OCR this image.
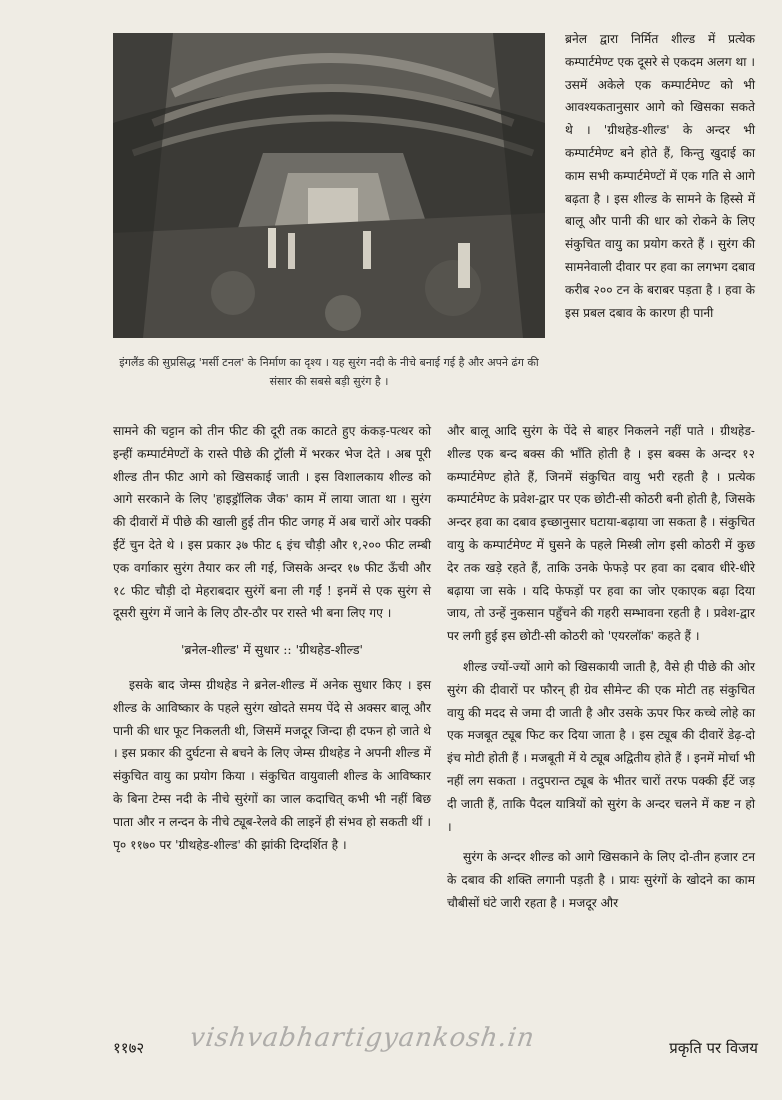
इंगलैंड की सुप्रसिद्ध 'मर्सी टनल' के निर्माण का दृश्य । यह सुरंग नदी के नीचे बनाई गई है और अपने ढंग की संसार की सबसे बड़ी सुरंग है ।

ब्रनेल द्वारा निर्मित शील्ड में प्रत्येक कम्पार्टमेण्ट एक दूसरे से एकदम अलग था । उसमें अकेले एक कम्पार्टमेण्ट को भी आवश्यकतानुसार आगे को खिसका सकते थे । 'ग्रीथहेड-शील्ड' के अन्दर भी कम्पार्टमेण्ट बने होते हैं, किन्तु खुदाई का काम सभी कम्पार्टमेण्टों में एक गति से आगे बढ़ता है । इस शील्ड के सामने के हिस्से में बालू और पानी की धार को रोकने के लिए संकुचित वायु का प्रयोग करते हैं । सुरंग की सामनेवाली दीवार पर हवा का लगभग दबाव करीब २०० टन के बराबर पड़ता है । हवा के इस प्रबल दबाव के कारण ही पानी

सामने की चट्टान को तीन फीट की दूरी तक काटते हुए कंकड़-पत्थर को इन्हीं कम्पार्टमेण्टों के रास्ते पीछे की ट्रॉली में भरकर भेज देते । अब पूरी शील्ड तीन फीट आगे को खिसकाई जाती । इस विशालकाय शील्ड को आगे सरकाने के लिए 'हाइड्रॉलिक जैक' काम में लाया जाता था । सुरंग की दीवारों में पीछे की खाली हुई तीन फीट जगह में अब चारों ओर पक्की ईंटें चुन देते थे । इस प्रकार ३७ फीट ६ इंच चौड़ी और १,२०० फीट लम्बी एक वर्गाकार सुरंग तैयार कर ली गई, जिसके अन्दर १७ फीट ऊँची और १८ फीट चौड़ी दो मेहराबदार सुरंगें बना ली गईं ! इनमें से एक सुरंग से दूसरी सुरंग में जाने के लिए ठौर-ठौर पर रास्ते भी बना लिए गए ।

'ब्रनेल-शील्ड' में सुधार :: 'ग्रीथहेड-शील्ड'

इसके बाद जेम्स ग्रीथहेड ने ब्रनेल-शील्ड में अनेक सुधार किए । इस शील्ड के आविष्कार के पहले सुरंग खोदते समय पेंदे से अक्सर बालू और पानी की धार फूट निकलती थी, जिसमें मजदूर जिन्दा ही दफन हो जाते थे । इस प्रकार की दुर्घटना से बचने के लिए जेम्स ग्रीथहेड ने अपनी शील्ड में संकुचित वायु का प्रयोग किया । संकुचित वायुवाली शील्ड के आविष्कार के बिना टेम्स नदी के नीचे सुरंगों का जाल कदाचित् कभी भी नहीं बिछ पाता और न लन्दन के नीचे ट्यूब-रेलवे की लाइनें ही संभव हो सकती थीं । पृ० ११७० पर 'ग्रीथहेड-शील्ड' की झांकी दिग्दर्शित है ।

और बालू आदि सुरंग के पेंदे से बाहर निकलने नहीं पाते । ग्रीथहेड-शील्ड एक बन्द बक्स की भाँति होती है । इस बक्स के अन्दर १२ कम्पार्टमेण्ट होते हैं, जिनमें संकुचित वायु भरी रहती है । प्रत्येक कम्पार्टमेण्ट के प्रवेश-द्वार पर एक छोटी-सी कोठरी बनी होती है, जिसके अन्दर हवा का दबाव इच्छानुसार घटाया-बढ़ाया जा सकता है । संकुचित वायु के कम्पार्टमेण्ट में घुसने के पहले मिस्त्री लोग इसी कोठरी में कुछ देर तक खड़े रहते हैं, ताकि उनके फेफड़े पर हवा का दबाव धीरे-धीरे बढ़ाया जा सके । यदि फेफड़ों पर हवा का जोर एकाएक बढ़ा दिया जाय, तो उन्हें नुकसान पहुँचने की गहरी सम्भावना रहती है । प्रवेश-द्वार पर लगी हुई इस छोटी-सी कोठरी को 'एयरलॉक' कहते हैं ।

शील्ड ज्यों-ज्यों आगे को खिसकायी जाती है, वैसे ही पीछे की ओर सुरंग की दीवारों पर फौरन् ही ग्रेव सीमेन्ट की एक मोटी तह संकुचित वायु की मदद से जमा दी जाती है और उसके ऊपर फिर कच्चे लोहे का एक मजबूत ट्यूब फिट कर दिया जाता है । इस ट्यूब की दीवारें डेढ़-दो इंच मोटी होती हैं । मजबूती में ये ट्यूब अद्वितीय होते हैं । इनमें मोर्चा भी नहीं लग सकता । तदुपरान्त ट्यूब के भीतर चारों तरफ पक्की ईंटें जड़ दी जाती हैं, ताकि पैदल यात्रियों को सुरंग के अन्दर चलने में कष्ट न हो ।

सुरंग के अन्दर शील्ड को आगे खिसकाने के लिए दो-तीन हजार टन के दबाव की शक्ति लगानी पड़ती है । प्रायः सुरंगों के खोदने का काम चौबीसों घंटे जारी रहता है । मजदूर और

११७२ vishvabhartigyankosh.in	प्रकृति पर विजय
